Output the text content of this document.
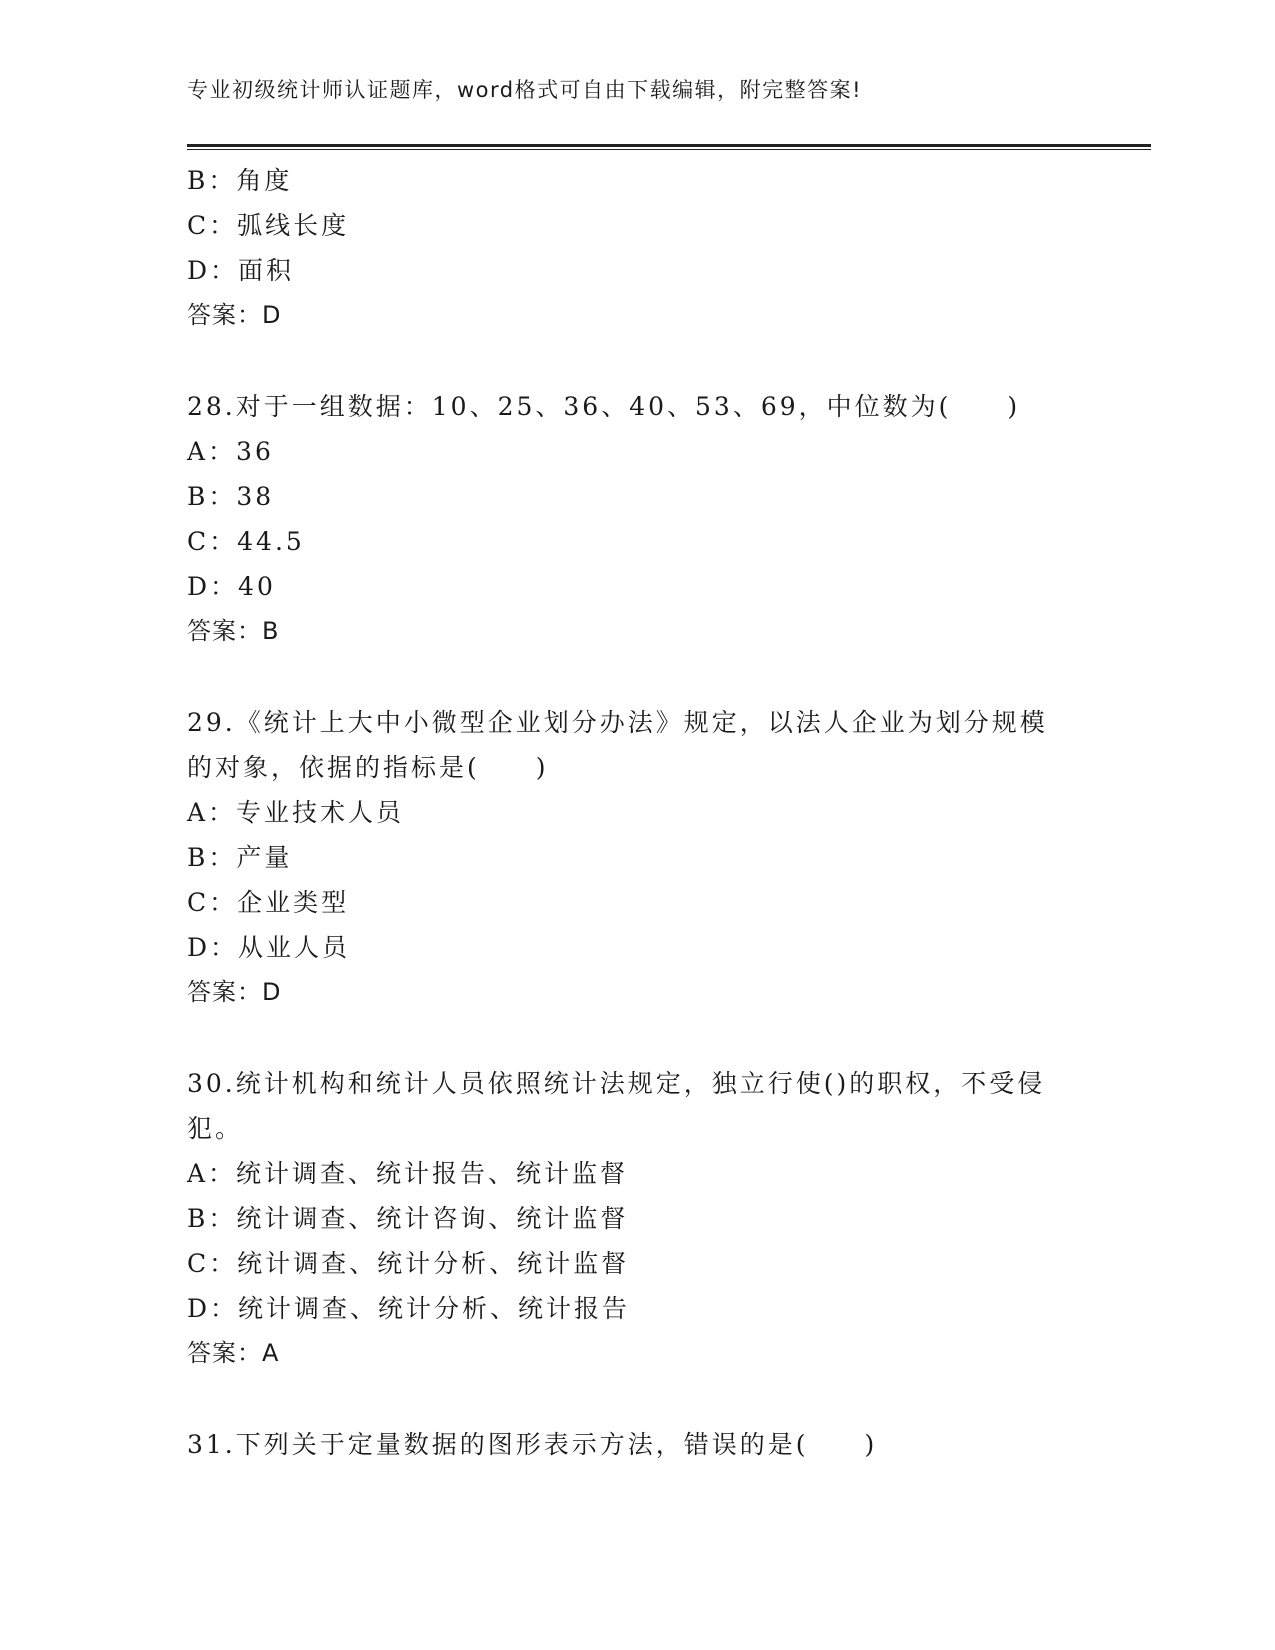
专业初级统计师认证题库，word格式可自由下载编辑，附完整答案!
B：角度
C：弧线长度
D：面积
答案：D
28.对于一组数据：10、25、36、40、53、69，中位数为(　　)
A：36
B：38
C：44.5
D：40
答案：B
29.《统计上大中小微型企业划分办法》规定，以法人企业为划分规模
的对象，依据的指标是(　　)
A：专业技术人员
B：产量
C：企业类型
D：从业人员
答案：D
30.统计机构和统计人员依照统计法规定，独立行使()的职权，不受侵
犯。
A：统计调查、统计报告、统计监督
B：统计调查、统计咨询、统计监督
C：统计调查、统计分析、统计监督
D：统计调查、统计分析、统计报告
答案：A
31.下列关于定量数据的图形表示方法，错误的是(　　)
